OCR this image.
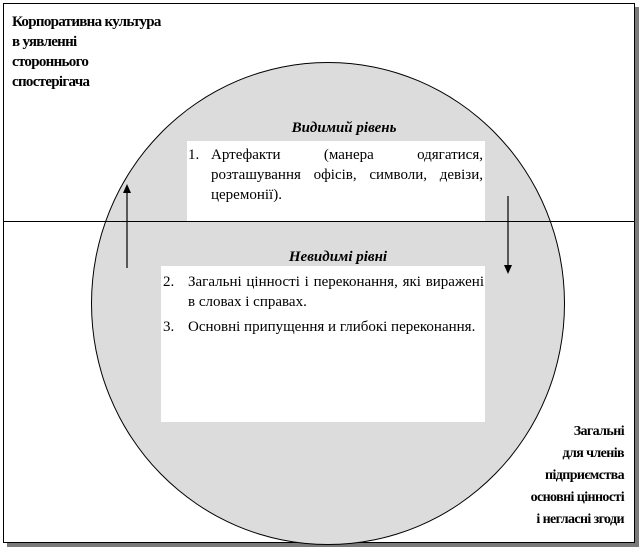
Корпоративна культура
в уявленні
стороннього
спостерігача
Видимий рівень
1. Артефакти (манера одягатися, розташування офісів, символи, девізи, церемонії).
Невидимі рівні
2. Загальні цінності і переконання, які виражені в словах і справах.
3. Основні припущення и глибокі переконання.
Загальні
для членів
підприємства
основні цінності
і негласні згоди
